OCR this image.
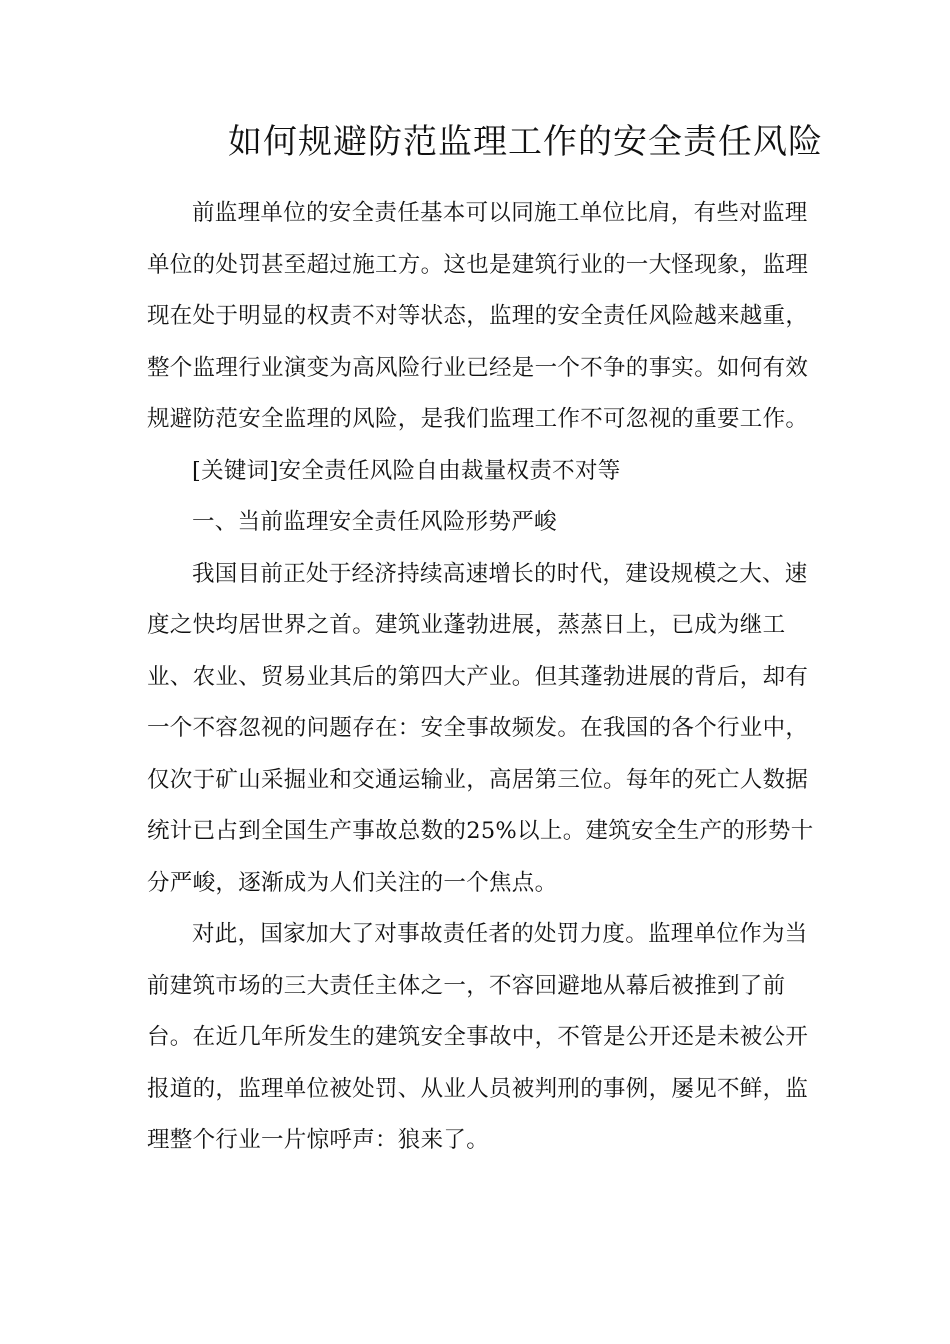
如何规避防范监理工作的安全责任风险
前监理单位的安全责任基本可以同施工单位比肩，有些对监理
单位的处罚甚至超过施工方。这也是建筑行业的一大怪现象，监理
现在处于明显的权责不对等状态，监理的安全责任风险越来越重，
整个监理行业演变为高风险行业已经是一个不争的事实。如何有效
规避防范安全监理的风险，是我们监理工作不可忽视的重要工作。
[关键词]安全责任风险自由裁量权责不对等
一、当前监理安全责任风险形势严峻
我国目前正处于经济持续高速增长的时代，建设规模之大、速
度之快均居世界之首。建筑业蓬勃进展，蒸蒸日上，已成为继工
业、农业、贸易业其后的第四大产业。但其蓬勃进展的背后，却有
一个不容忽视的问题存在：安全事故频发。在我国的各个行业中，
仅次于矿山采掘业和交通运输业，高居第三位。每年的死亡人数据
统计已占到全国生产事故总数的25%以上。建筑安全生产的形势十
分严峻，逐渐成为人们关注的一个焦点。
对此，国家加大了对事故责任者的处罚力度。监理单位作为当
前建筑市场的三大责任主体之一，不容回避地从幕后被推到了前
台。在近几年所发生的建筑安全事故中，不管是公开还是未被公开
报道的，监理单位被处罚、从业人员被判刑的事例，屡见不鲜，监
理整个行业一片惊呼声：狼来了。
